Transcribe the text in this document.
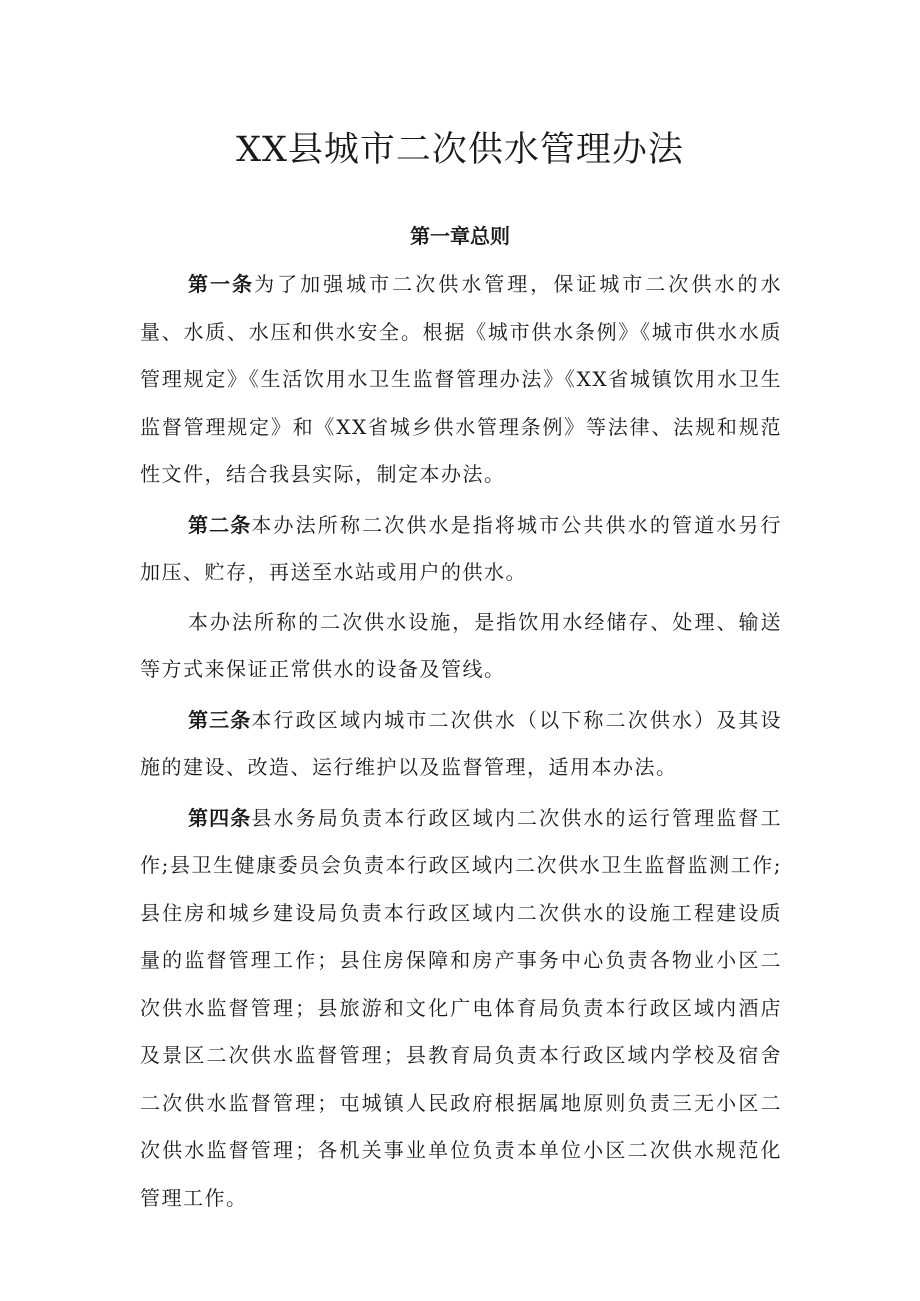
XX县城市二次供水管理办法
第一章总则

第一条为了加强城市二次供水管理，保证城市二次供水的水量、水质、水压和供水安全。根据《城市供水条例》《城市供水水质管理规定》《生活饮用水卫生监督管理办法》《XX省城镇饮用水卫生监督管理规定》和《XX省城乡供水管理条例》等法律、法规和规范性文件，结合我县实际，制定本办法。

第二条本办法所称二次供水是指将城市公共供水的管道水另行加压、贮存，再送至水站或用户的供水。

本办法所称的二次供水设施，是指饮用水经储存、处理、输送等方式来保证正常供水的设备及管线。

第三条本行政区域内城市二次供水（以下称二次供水）及其设施的建设、改造、运行维护以及监督管理，适用本办法。

第四条县水务局负责本行政区域内二次供水的运行管理监督工作;县卫生健康委员会负责本行政区域内二次供水卫生监督监测工作;县住房和城乡建设局负责本行政区域内二次供水的设施工程建设质量的监督管理工作；县住房保障和房产事务中心负责各物业小区二次供水监督管理；县旅游和文化广电体育局负责本行政区域内酒店及景区二次供水监督管理；县教育局负责本行政区域内学校及宿舍二次供水监督管理；屯城镇人民政府根据属地原则负责三无小区二次供水监督管理；各机关事业单位负责本单位小区二次供水规范化管理工作。
